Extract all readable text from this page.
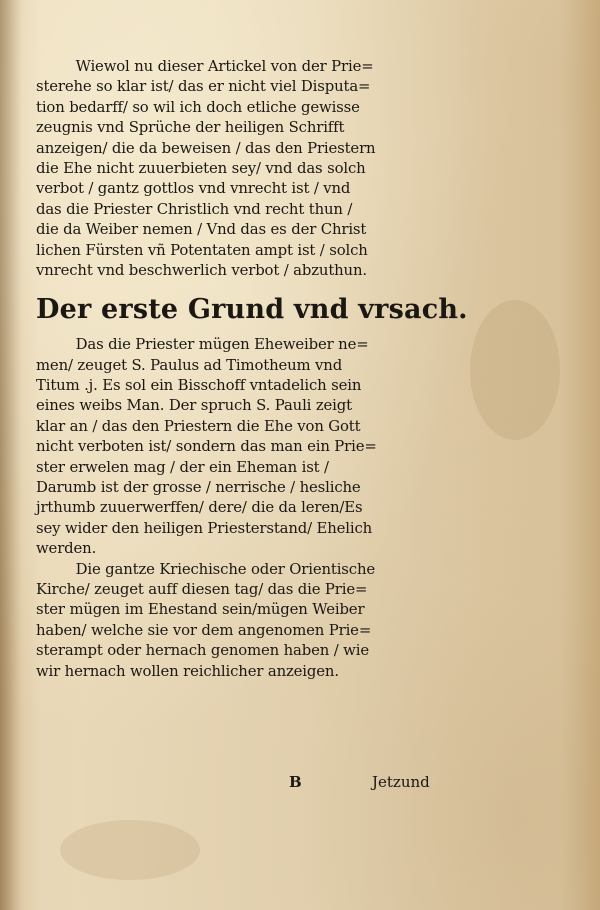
Wiewol nu dieser Artickel von der Prie=
sterehe so klar ist/ das er nicht viel Disputa=
tion bedarff/ so wil ich doch etliche gewisse
zeugnis vnd Sprüche der heiligen Schrifft
anzeigen/ die da beweisen / das den Priestern
die Ehe nicht zuuerbieten sey/ vnd das solch
verbot / gantz gottlos vnd vnrecht ist / vnd
das die Priester Christlich vnd recht thun /
die da Weiber nemen / Vnd das es der Christ
lichen Fürsten vñ Potentaten ampt ist / solch
vnrecht vnd beschwerlich verbot / abzuthun.
Der erste Grund vnd vrsach.
Das die Priester mügen Eheweiber ne=
men/ zeuget S. Paulus ad Timotheum vnd
Titum .j. Es sol ein Bisschoff vntadelich sein
eines weibs Man. Der spruch S. Pauli zeigt
klar an / das den Priestern die Ehe von Gott
nicht verboten ist/ sondern das man ein Prie=
ster erwelen mag / der ein Eheman ist /
Darumb ist der grosse / nerrische / hesliche
jrthumb zuuerwerffen/ dere/ die da leren/Es
sey wider den heiligen Priesterstand/ Ehelich
werden.
Die gantze Kriechische oder Orientische
Kirche/ zeuget auff diesen tag/ das die Prie=
ster mügen im Ehestand sein/mügen Weiber
haben/ welche sie vor dem angenomen Prie=
sterampt oder hernach genomen haben / wie
wir hernach wollen reichlicher anzeigen.
B	Jetzund
